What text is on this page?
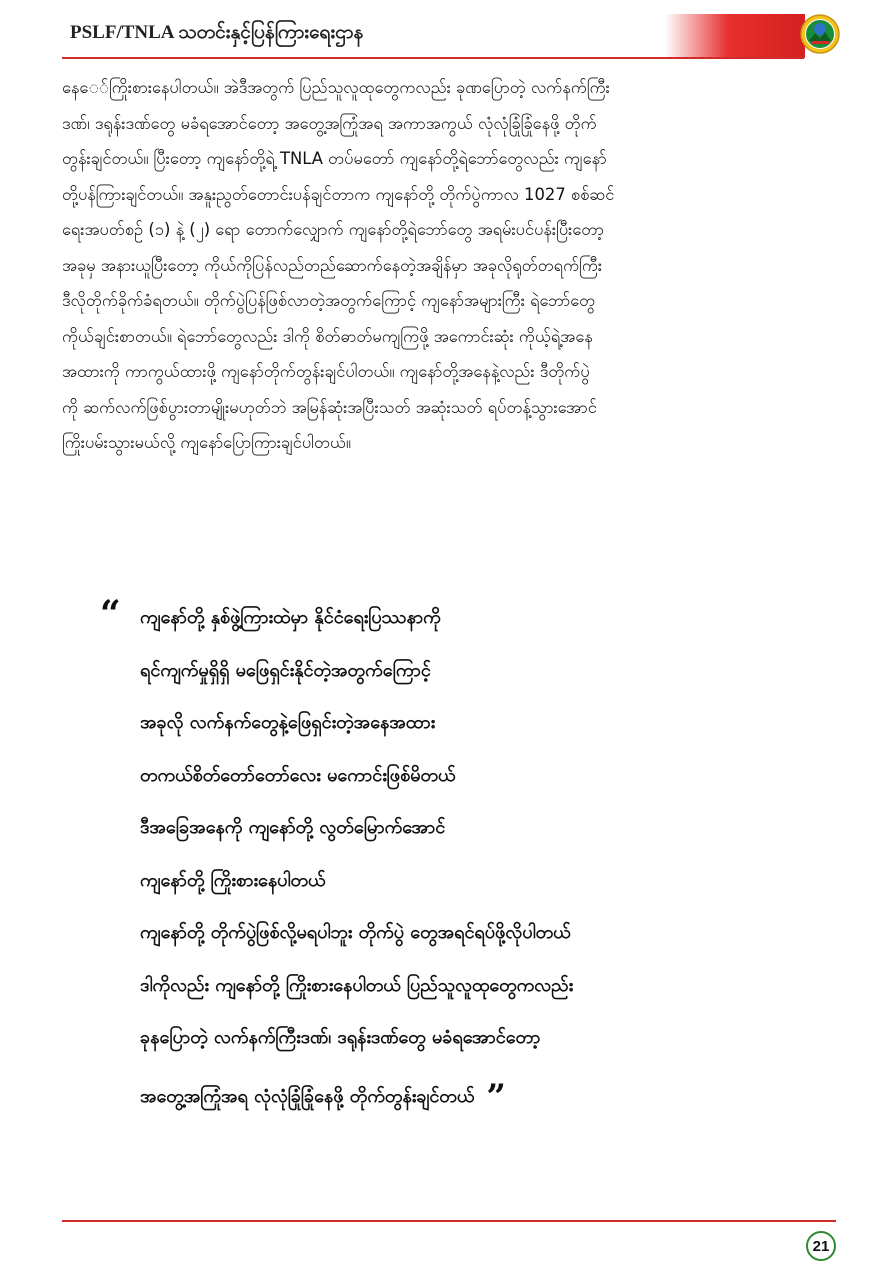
PSLF/TNLA သတင်းနှင့်ပြန်ကြားရေးဌာန
နေ‌‌ေ်ကြိုးစားနေပါတယ်။ အဲဒီအတွက် ပြည်သူလူထုတွေကလည်း ခုဏပြောတဲ့ လက်နက်ကြီး
ဒဏ်၊ ဒရုန်းဒဏ်တွေ မခံရအောင်တော့ အတွေ့အကြုံအရ အကာအကွယ် လုံလုံခြုံခြုံနေဖို့ တိုက်
တွန်းချင်တယ်။ ပြီးတော့ ကျနော်တို့ရဲ့ TNLA တပ်မတော် ကျနော်တို့ရဲဘော်တွေလည်း ကျနော်
တို့ပန်ကြားချင်တယ်။ အနူးညွတ်တောင်းပန်ချင်တာက ကျနော်တို့ တိုက်ပွဲကာလ 1027 စစ်ဆင်
ရေးအပတ်စဉ် (၁) နဲ့ (၂) ရော တောက်လျှောက် ကျနော်တို့ရဲဘော်တွေ အရမ်းပင်ပန်းပြီးတော့
အခုမှ အနားယူပြီးတော့ ကိုယ်ကိုပြန်လည်တည်ဆောက်နေတဲ့အချိန်မှာ အခုလိုရုတ်တရက်ကြီး
ဒီလိုတိုက်ခိုက်ခံရတယ်။ တိုက်ပွဲပြန်ဖြစ်လာတဲ့အတွက်ကြောင့် ကျနော်အများကြီး ရဲဘော်တွေ
ကိုယ်ချင်းစာတယ်။ ရဲဘော်တွေလည်း ဒါကို စိတ်ဓာတ်မကျကြဖို့ အကောင်းဆုံး ကိုယ့်ရဲ့အနေ
အထားကို ကာကွယ်ထားဖို့ ကျနော်တိုက်တွန်းချင်ပါတယ်။ ကျနော်တို့အနေနဲ့လည်း ဒီတိုက်ပွဲ
ကို ဆက်လက်ဖြစ်ပွားတာမျိုးမဟုတ်ဘဲ အမြန်ဆုံးအပြီးသတ် အဆုံးသတ် ရပ်တန့်သွားအောင်
ကြိုးပမ်းသွားမယ်လို့ ကျနော်ပြောကြားချင်ပါတယ်။
“	ကျနော်တို့ နှစ်ဖွဲ့ကြားထဲမှာ နိုင်ငံရေးပြဿနာကို
ရင်ကျက်မှုရှိရှိ မဖြေရှင်းနိုင်တဲ့အတွက်ကြောင့်
အခုလို လက်နက်တွေနဲ့ဖြေရှင်းတဲ့အနေအထား
တကယ်စိတ်တော်တော်လေး မကောင်းဖြစ်မိတယ်
ဒီအခြေအနေကို ကျနော်တို့ လွတ်မြောက်အောင်
ကျနော်တို့ ကြိုးစားနေပါတယ်
ကျနော်တို့ တိုက်ပွဲဖြစ်လို့မရပါဘူး တိုက်ပွဲ တွေအရင်ရပ်ဖို့လိုပါတယ်
ဒါကိုလည်း ကျနော်တို့ ကြိုးစားနေပါတယ် ပြည်သူလူထုတွေကလည်း
ခုနပြောတဲ့ လက်နက်ကြီးဒဏ်၊ ဒရုန်းဒဏ်တွေ မခံရအောင်တော့
အတွေ့အကြုံအရ လုံလုံခြုံခြုံနေဖို့ တိုက်တွန်းချင်တယ် ”
21
